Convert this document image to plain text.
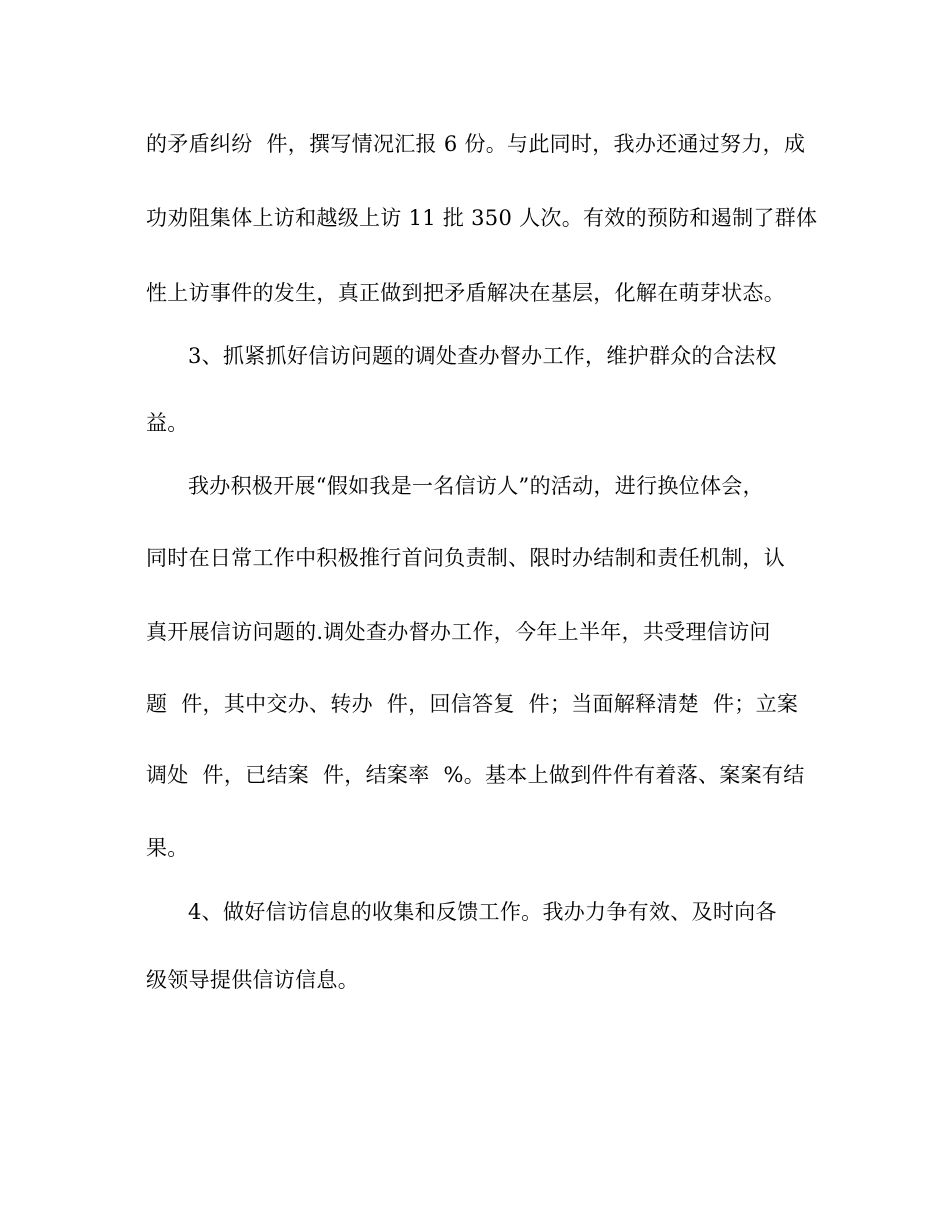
的矛盾纠纷  件，撰写情况汇报 6 份。与此同时，我办还通过努力，成
功劝阻集体上访和越级上访 11 批 350 人次。有效的预防和遏制了群体
性上访事件的发生，真正做到把矛盾解决在基层，化解在萌芽状态。
3、抓紧抓好信访问题的调处查办督办工作，维护群众的合法权
益。
我办积极开展“假如我是一名信访人”的活动，进行换位体会，
同时在日常工作中积极推行首问负责制、限时办结制和责任机制，认
真开展信访问题的.调处查办督办工作，今年上半年，共受理信访问
题  件，其中交办、转办  件，回信答复  件；当面解释清楚  件；立案
调处  件，已结案  件，结案率  %。基本上做到件件有着落、案案有结
果。
4、做好信访信息的收集和反馈工作。我办力争有效、及时向各
级领导提供信访信息。
